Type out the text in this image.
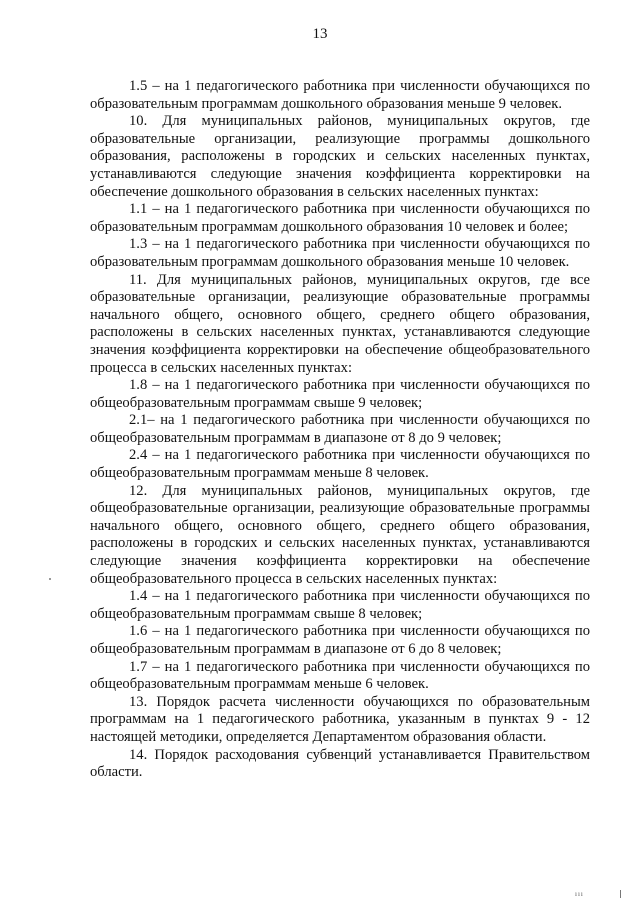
13

1.5 – на 1 педагогического работника при численности обучающихся по образовательным программам дошкольного образования меньше 9 человек.

10. Для муниципальных районов, муниципальных округов, где образовательные организации, реализующие программы дошкольного образования, расположены в городских и сельских населенных пунктах, устанавливаются следующие значения коэффициента корректировки на обеспечение дошкольного образования в сельских населенных пунктах:

1.1 – на 1 педагогического работника при численности обучающихся по образовательным программам дошкольного образования 10 человек и более;

1.3 – на 1 педагогического работника при численности обучающихся по образовательным программам дошкольного образования меньше 10 человек.

11. Для муниципальных районов, муниципальных округов, где все образовательные организации, реализующие образовательные программы начального общего, основного общего, среднего общего образования, расположены в сельских населенных пунктах, устанавливаются следующие значения коэффициента корректировки на обеспечение общеобразовательного процесса в сельских населенных пунктах:

1.8 – на 1 педагогического работника при численности обучающихся по общеобразовательным программам свыше 9 человек;

2.1– на 1 педагогического работника при численности обучающихся по общеобразовательным программам в диапазоне от 8 до 9 человек;

2.4 – на 1 педагогического работника при численности обучающихся по общеобразовательным программам меньше 8 человек.

12. Для муниципальных районов, муниципальных округов, где общеобразовательные организации, реализующие образовательные программы начального общего, основного общего, среднего общего образования, расположены в городских и сельских населенных пунктах, устанавливаются следующие значения коэффициента корректировки на обеспечение общеобразовательного процесса в сельских населенных пунктах:

1.4 – на 1 педагогического работника при численности обучающихся по общеобразовательным программам свыше 8 человек;

1.6 – на 1 педагогического работника при численности обучающихся по общеобразовательным программам в диапазоне от 6 до 8 человек;

1.7 – на 1 педагогического работника при численности обучающихся по общеобразовательным программам меньше 6 человек.

13. Порядок расчета численности обучающихся по образовательным программам на 1 педагогического работника, указанным в пунктах 9 - 12 настоящей методики, определяется Департаментом образования области.

14. Порядок расходования субвенций устанавливается Правительством области.

ııı
